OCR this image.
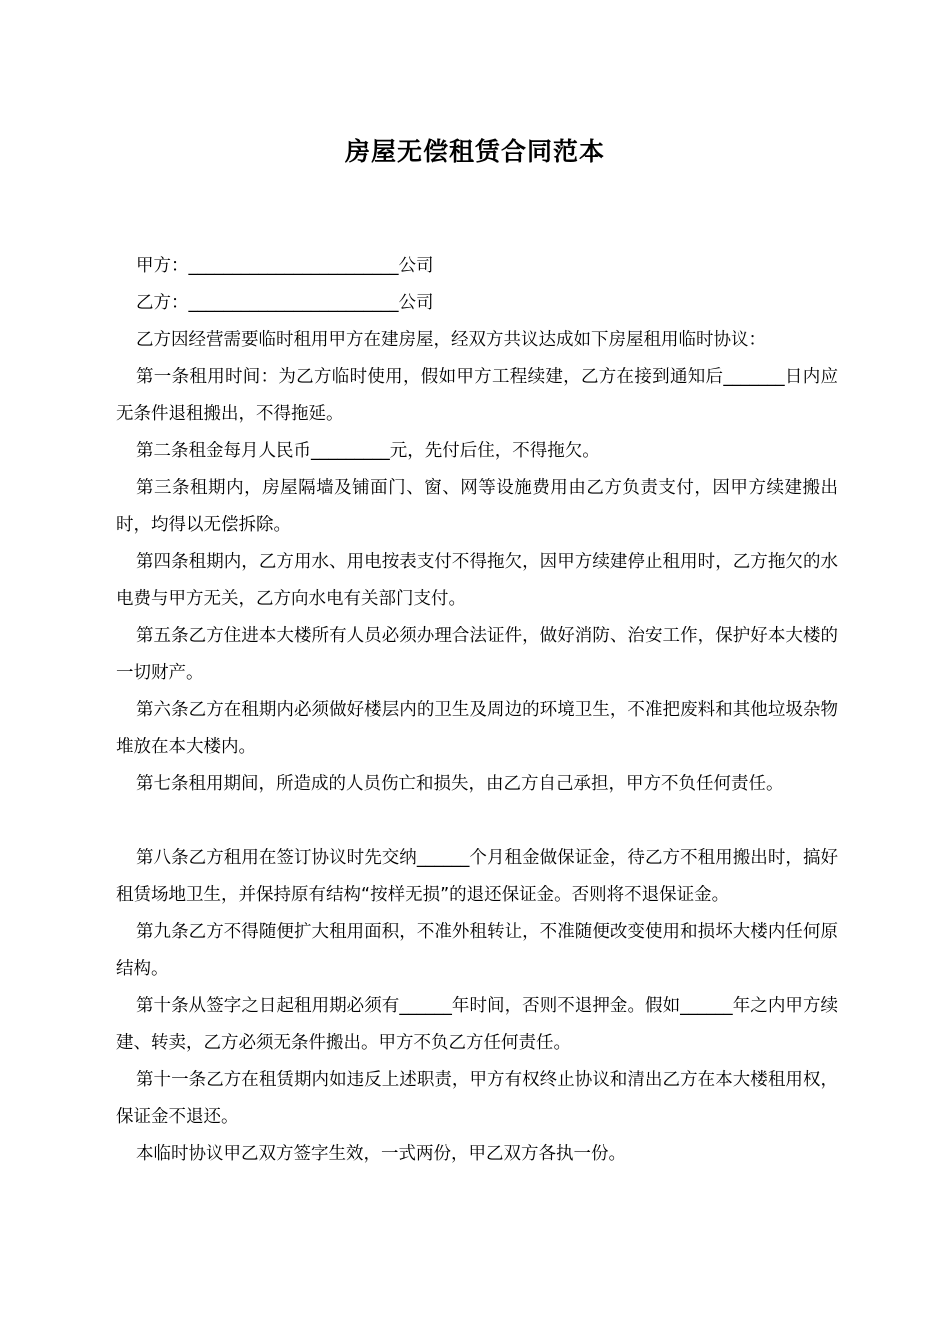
房屋无偿租赁合同范本

甲方：________________________公司

乙方：________________________公司

乙方因经营需要临时租用甲方在建房屋，经双方共议达成如下房屋租用临时协议：

第一条租用时间：为乙方临时使用，假如甲方工程续建，乙方在接到通知后_______日内应无条件退租搬出，不得拖延。

第二条租金每月人民币_________元，先付后住，不得拖欠。

第三条租期内，房屋隔墙及铺面门、窗、网等设施费用由乙方负责支付，因甲方续建搬出时，均得以无偿拆除。

第四条租期内，乙方用水、用电按表支付不得拖欠，因甲方续建停止租用时，乙方拖欠的水电费与甲方无关，乙方向水电有关部门支付。

第五条乙方住进本大楼所有人员必须办理合法证件，做好消防、治安工作，保护好本大楼的一切财产。

第六条乙方在租期内必须做好楼层内的卫生及周边的环境卫生，不准把废料和其他垃圾杂物堆放在本大楼内。

第七条租用期间，所造成的人员伤亡和损失，由乙方自己承担，甲方不负任何责任。

第八条乙方租用在签订协议时先交纳______个月租金做保证金，待乙方不租用搬出时，搞好租赁场地卫生，并保持原有结构“按样无损”的退还保证金。否则将不退保证金。

第九条乙方不得随便扩大租用面积，不准外租转让，不准随便改变使用和损坏大楼内任何原结构。

第十条从签字之日起租用期必须有______年时间，否则不退押金。假如______年之内甲方续建、转卖，乙方必须无条件搬出。甲方不负乙方任何责任。

第十一条乙方在租赁期内如违反上述职责，甲方有权终止协议和清出乙方在本大楼租用权，保证金不退还。

本临时协议甲乙双方签字生效，一式两份，甲乙双方各执一份。
